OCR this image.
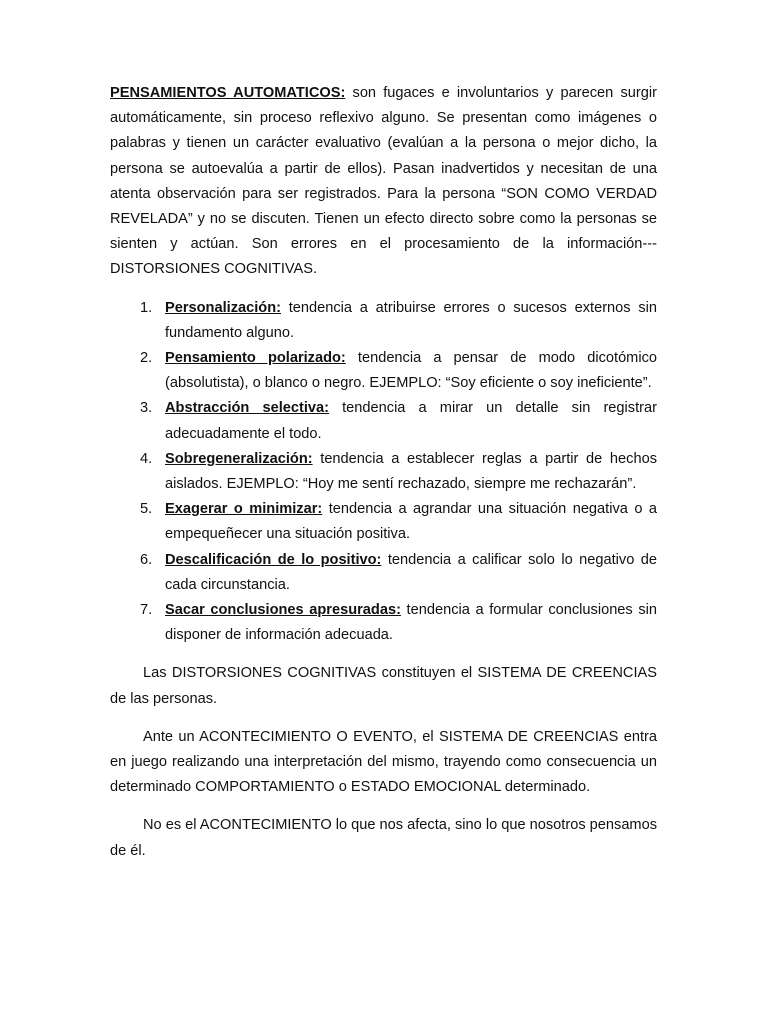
PENSAMIENTOS AUTOMATICOS: son fugaces e involuntarios y parecen surgir automáticamente, sin proceso reflexivo alguno. Se presentan como imágenes o palabras y tienen un carácter evaluativo (evalúan a la persona o mejor dicho, la persona se autoevalúa a partir de ellos). Pasan inadvertidos y necesitan de una atenta observación para ser registrados. Para la persona “SON COMO VERDAD REVELADA” y no se discuten. Tienen un efecto directo sobre como la personas se sienten y actúan. Son errores en el procesamiento de la información---DISTORSIONES COGNITIVAS.

1. Personalización: tendencia a atribuirse errores o sucesos externos sin fundamento alguno.
2. Pensamiento polarizado: tendencia a pensar de modo dicotómico (absolutista), o blanco o negro. EJEMPLO: “Soy eficiente o soy ineficiente”.
3. Abstracción selectiva: tendencia a mirar un detalle sin registrar adecuadamente el todo.
4. Sobregeneralización: tendencia a establecer reglas a partir de hechos aislados. EJEMPLO: “Hoy me sentí rechazado, siempre me rechazarán”.
5. Exagerar o minimizar: tendencia a agrandar una situación negativa o a empequeñecer una situación positiva.
6. Descalificación de lo positivo: tendencia a calificar solo lo negativo de cada circunstancia.
7. Sacar conclusiones apresuradas: tendencia a formular conclusiones sin disponer de información adecuada.

Las DISTORSIONES COGNITIVAS constituyen el SISTEMA DE CREENCIAS de las personas.

Ante un ACONTECIMIENTO O EVENTO, el SISTEMA DE CREENCIAS entra en juego realizando una interpretación del mismo, trayendo como consecuencia un determinado COMPORTAMIENTO o ESTADO EMOCIONAL determinado.

No es el ACONTECIMIENTO lo que nos afecta, sino lo que nosotros pensamos de él.
